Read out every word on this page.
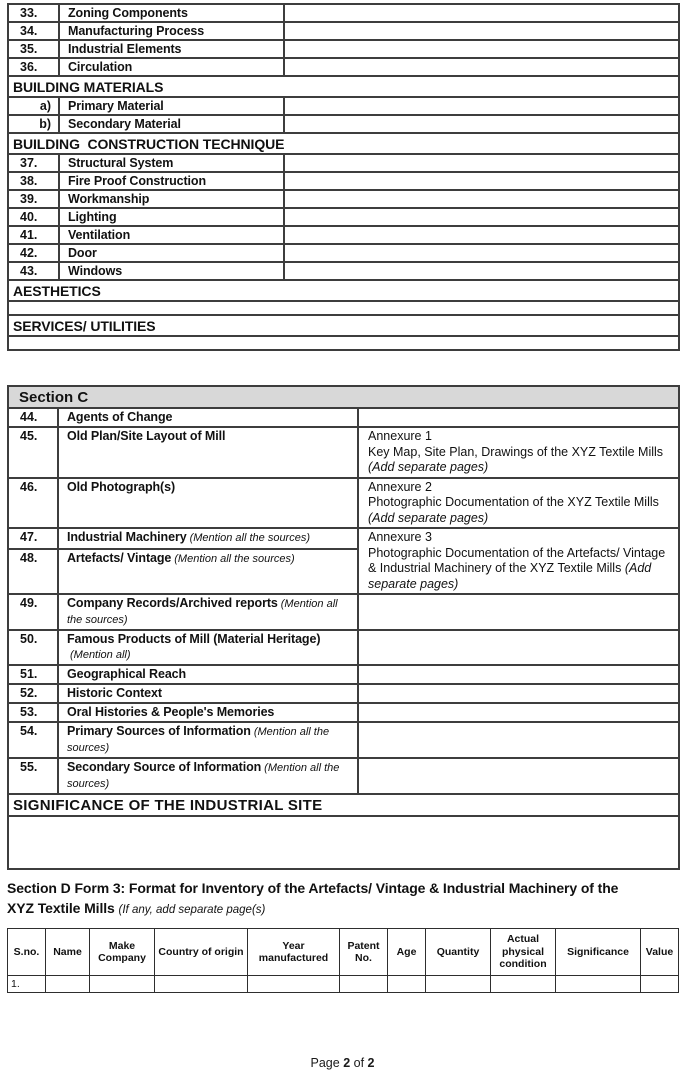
33.	Zoning Components	
34.	Manufacturing Process	
35.	Industrial Elements	
36.	Circulation	
BUILDING MATERIALS		
a)	Primary Material	
b)	Secondary Material	
BUILDING  CONSTRUCTION TECHNIQUE		
37.	Structural System	
38.	Fire Proof Construction	
39.	Workmanship	
40.	Lighting	
41.	Ventilation	
42.	Door	
43.	Windows	
AESTHETICS		

SERVICES/ UTILITIES		

Section C		
44.	Agents of Change	
45.	Old Plan/Site Layout of Mill	Annexure 1
Key Map, Site Plan, Drawings of the XYZ Textile Mills (Add separate pages)
46.	Old Photograph(s)	Annexure 2
Photographic Documentation of the XYZ Textile Mills (Add separate pages)
47.	Industrial Machinery (Mention all the sources)	Annexure 3
Photographic Documentation of the Artefacts/ Vintage & Industrial Machinery of the XYZ Textile Mills (Add separate pages)
48.	Artefacts/ Vintage (Mention all the sources)	
49.	Company Records/Archived reports (Mention all the sources)	
50.	Famous Products of Mill (Material Heritage)(Mention all)	
51.	Geographical Reach	
52.	Historic Context	
53.	Oral Histories & People's Memories	
54.	Primary Sources of Information (Mention all the sources)	
55.	Secondary Source of Information (Mention all the sources)	
SIGNIFICANCE OF THE INDUSTRIAL SITE		

Section D Form 3: Format for Inventory of the Artefacts/ Vintage & Industrial Machinery of the XYZ Textile Mills (If any, add separate page(s)
S.no.	Name	Make Company	Country of origin	Year manufactured	Patent No.	Age	Quantity	Actual physical condition	Significance	Value
1.										
Page 2 of 2
